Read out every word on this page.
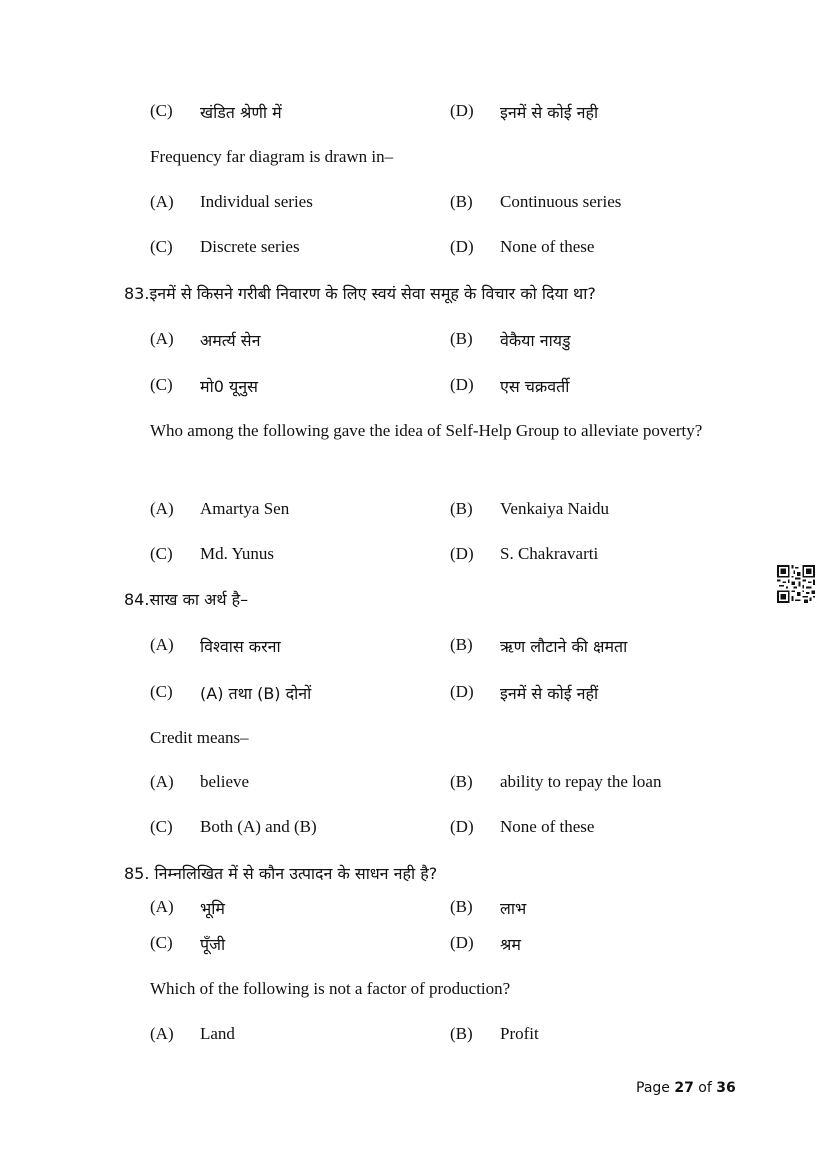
(C) खंडित श्रेणी में	(D) इनमें से कोई नही
Frequency far diagram is drawn in–
(A) Individual series	(B) Continuous series
(C) Discrete series	(D) None of these
83.इनमें से किसने गरीबी निवारण के लिए स्वयं सेवा समूह के विचार को दिया था?
(A) अमर्त्य सेन	(B) वेकैया नायडु
(C) मो0 यूनुस	(D) एस चक्रवर्ती
Who among the following gave the idea of Self-Help Group to alleviate poverty?
(A) Amartya Sen	(B) Venkaiya Naidu
(C) Md. Yunus	(D) S. Chakravarti
84.साख का अर्थ है–
(A) विश्वास करना	(B) ऋण लौटाने की क्षमता
(C) (A) तथा (B) दोनों	(D) इनमें से कोई नहीं
Credit means–
(A) believe	(B) ability to repay the loan
(C) Both (A) and (B)	(D) None of these
85. निम्नलिखित में से कौन उत्पादन के साधन नही है?
(A) भूमि	(B) लाभ
(C) पूँजी	(D) श्रम
Which of the following is not a factor of production?
(A) Land	(B) Profit
Page 27 of 36
